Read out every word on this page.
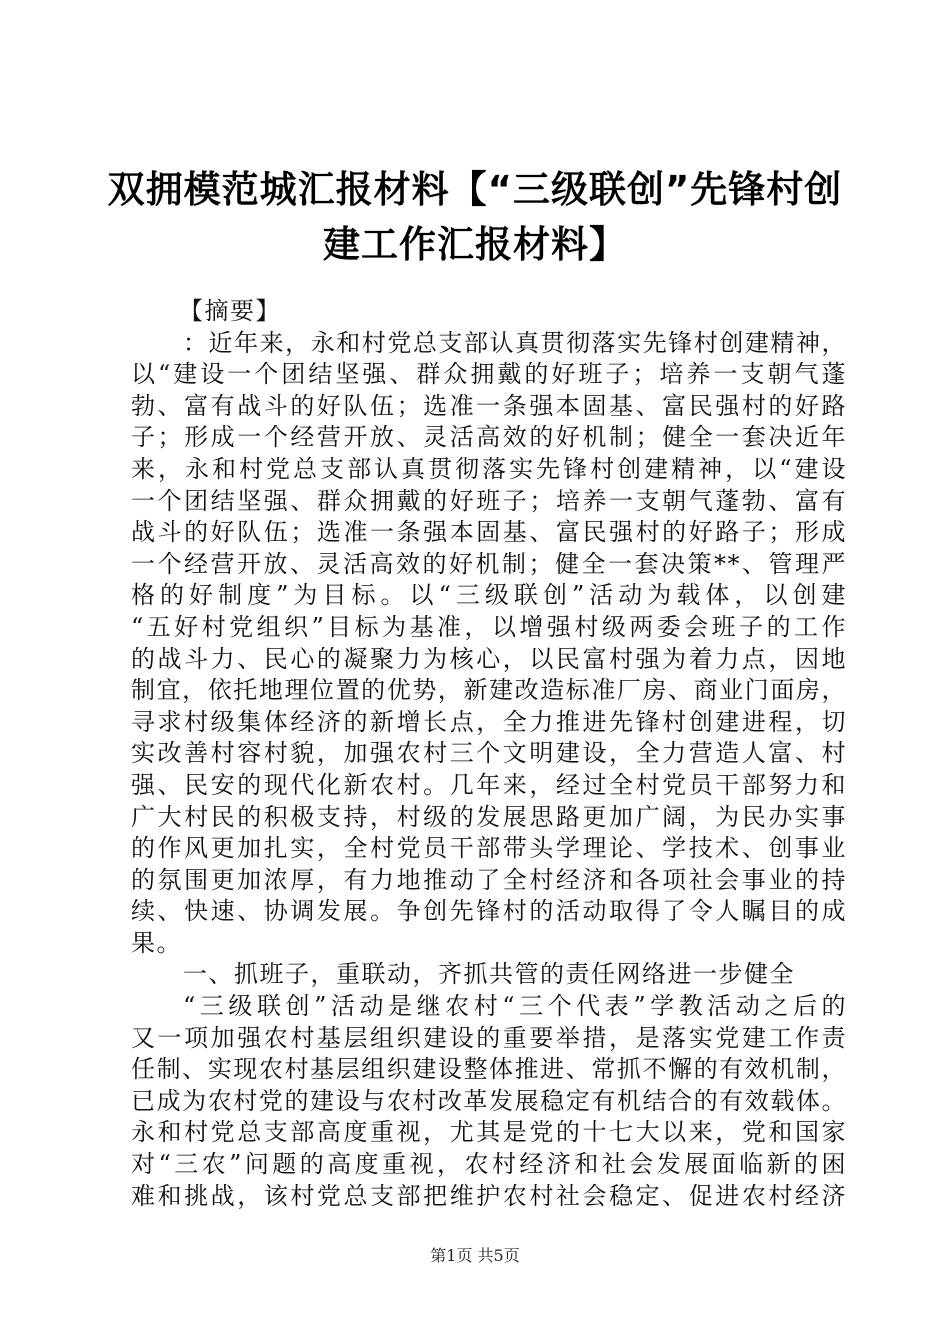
双拥模范城汇报材料【“三级联创”先锋村创
建工作汇报材料】
【摘要】
：近年来，永和村党总支部认真贯彻落实先锋村创建精神，
以“建设一个团结坚强、群众拥戴的好班子；培养一支朝气蓬
勃、富有战斗的好队伍；选准一条强本固基、富民强村的好路
子；形成一个经营开放、灵活高效的好机制；健全一套决近年
来，永和村党总支部认真贯彻落实先锋村创建精神，以“建设
一个团结坚强、群众拥戴的好班子；培养一支朝气蓬勃、富有
战斗的好队伍；选准一条强本固基、富民强村的好路子；形成
一个经营开放、灵活高效的好机制；健全一套决策**、管理严
格的好制度”为目标。以“三级联创”活动为载体，以创建
“五好村党组织”目标为基准，以增强村级两委会班子的工作
的战斗力、民心的凝聚力为核心，以民富村强为着力点，因地
制宜，依托地理位置的优势，新建改造标准厂房、商业门面房，
寻求村级集体经济的新增长点，全力推进先锋村创建进程，切
实改善村容村貌，加强农村三个文明建设，全力营造人富、村
强、民安的现代化新农村。几年来，经过全村党员干部努力和
广大村民的积极支持，村级的发展思路更加广阔，为民办实事
的作风更加扎实，全村党员干部带头学理论、学技术、创事业
的氛围更加浓厚，有力地推动了全村经济和各项社会事业的持
续、快速、协调发展。争创先锋村的活动取得了令人瞩目的成
果。
一、抓班子，重联动，齐抓共管的责任网络进一步健全
“三级联创”活动是继农村“三个代表”学教活动之后的
又一项加强农村基层组织建设的重要举措，是落实党建工作责
任制、实现农村基层组织建设整体推进、常抓不懈的有效机制，
已成为农村党的建设与农村改革发展稳定有机结合的有效载体。
永和村党总支部高度重视，尤其是党的十七大以来，党和国家
对“三农”问题的高度重视，农村经济和社会发展面临新的困
难和挑战，该村党总支部把维护农村社会稳定、促进农村经济
第1页 共5页
